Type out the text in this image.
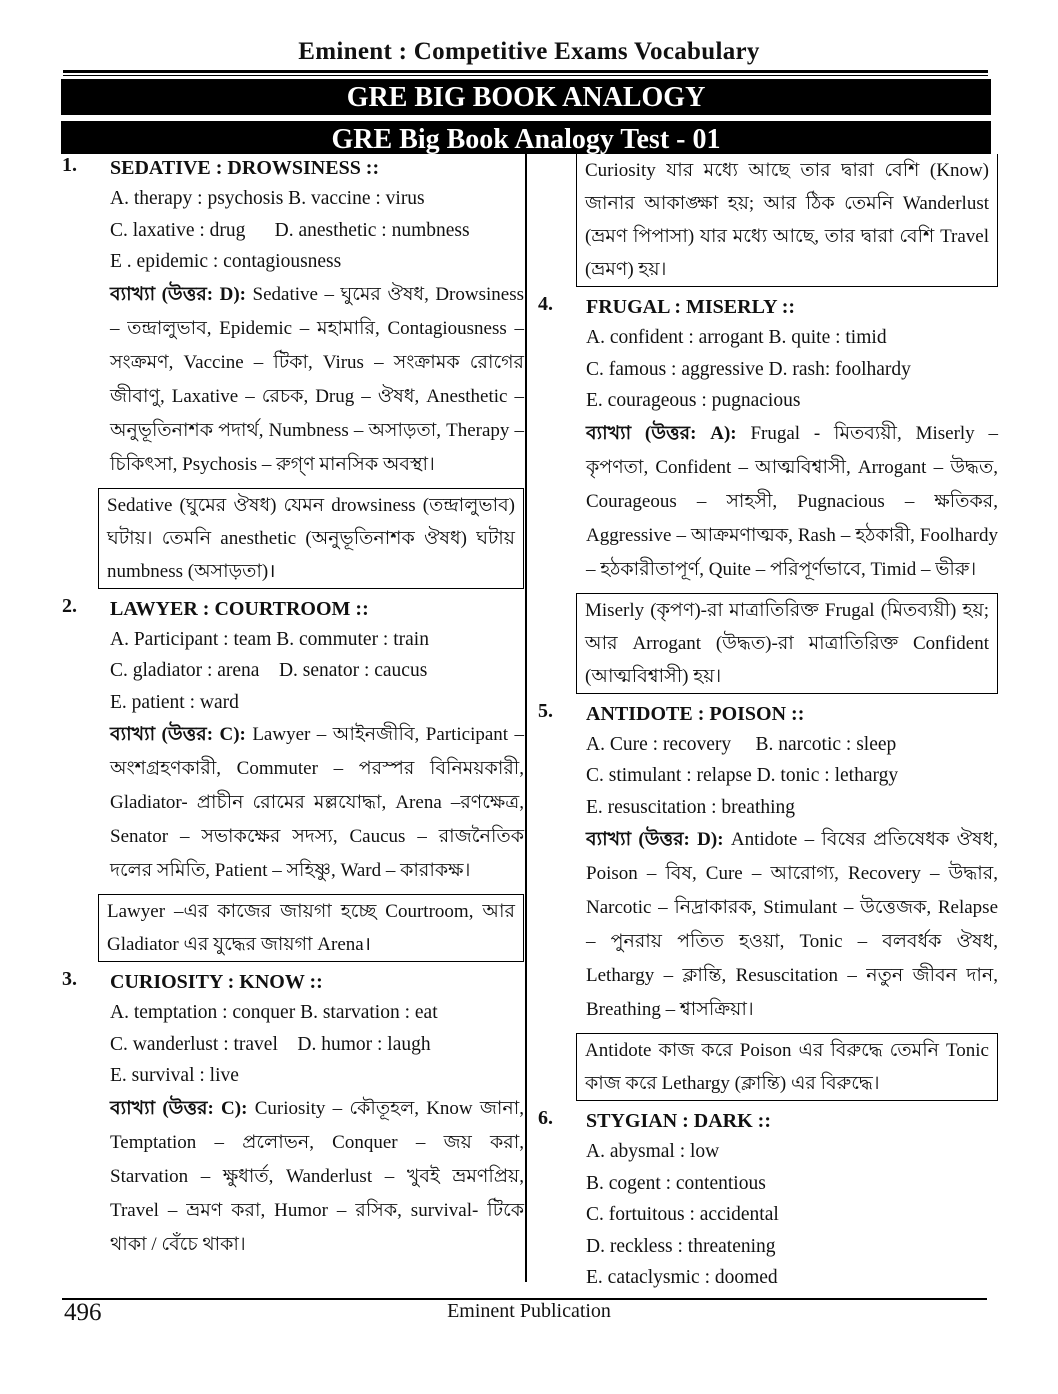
Eminent : Competitive Exams Vocabulary
GRE BIG BOOK ANALOGY
GRE Big Book Analogy Test - 01
1. SEDATIVE : DROWSINESS ::
A. therapy : psychosis B. vaccine : virus
C. laxative : drug      D. anesthetic : numbness
E . epidemic : contagiousness
ব্যাখ্যা (উত্তর: D): Sedative – ঘুমের ঔষধ, Drowsiness – তন্দ্রালুভাব, Epidemic – মহামারি, Contagiousness – সংক্রমণ, Vaccine – টিকা, Virus – সংক্রামক রোগের জীবাণু, Laxative – রেচক, Drug – ঔষধ, Anesthetic – অনুভূতিনাশক পদার্থ, Numbness – অসাড়তা, Therapy – চিকিৎসা, Psychosis – রুগ্ণ মানসিক অবস্থা।
Sedative (ঘুমের ঔষধ) যেমন drowsiness (তন্দ্রালুভাব) ঘটায়। তেমনি anesthetic (অনুভূতিনাশক ঔষধ) ঘটায় numbness (অসাড়তা)।
2. LAWYER : COURTROOM ::
A. Participant : team B. commuter : train
C. gladiator : arena    D. senator : caucus
E. patient : ward
ব্যাখ্যা (উত্তর: C): Lawyer – আইনজীবি, Participant – অংশগ্রহণকারী, Commuter – পরস্পর বিনিময়কারী, Gladiator- প্রাচীন রোমের মল্লযোদ্ধা, Arena –রণক্ষেত্র, Senator – সভাকক্ষের সদস্য, Caucus – রাজনৈতিক দলের সমিতি, Patient – সহিষ্ণু, Ward – কারাকক্ষ।
Lawyer –এর কাজের জায়গা হচ্ছে Courtroom, আর Gladiator এর যুদ্ধের জায়গা Arena।
3. CURIOSITY : KNOW ::
A. temptation : conquer B. starvation : eat
C. wanderlust : travel    D. humor : laugh
E. survival : live
ব্যাখ্যা (উত্তর: C): Curiosity – কৌতূহল, Know জানা, Temptation – প্রলোভন, Conquer – জয় করা, Starvation – ক্ষুধার্ত, Wanderlust – খুবই ভ্রমণপ্রিয়, Travel – ভ্রমণ করা, Humor – রসিক, survival- টিকে থাকা / বেঁচে থাকা।
Curiosity যার মধ্যে আছে তার দ্বারা বেশি (Know) জানার আকাঙ্ক্ষা হয়; আর ঠিক তেমনি Wanderlust (ভ্রমণ পিপাসা) যার মধ্যে আছে, তার দ্বারা বেশি Travel (ভ্রমণ) হয়।
4. FRUGAL : MISERLY ::
A. confident : arrogant B. quite : timid
C. famous : aggressive D. rash: foolhardy
E. courageous : pugnacious
ব্যাখ্যা (উত্তর: A): Frugal - মিতব্যয়ী, Miserly – কৃপণতা, Confident – আত্মবিশ্বাসী, Arrogant – উদ্ধত, Courageous – সাহসী, Pugnacious – ক্ষতিকর, Aggressive – আক্রমণাত্মক, Rash – হঠকারী, Foolhardy – হঠকারীতাপূর্ণ, Quite – পরিপূর্ণভাবে, Timid – ভীরু।
Miserly (কৃপণ)-রা মাত্রাতিরিক্ত Frugal (মিতব্যয়ী) হয়; আর Arrogant (উদ্ধত)-রা মাত্রাতিরিক্ত Confident (আত্মবিশ্বাসী) হয়।
5. ANTIDOTE : POISON ::
A. Cure : recovery     B. narcotic : sleep
C. stimulant : relapse D. tonic : lethargy
E. resuscitation : breathing
ব্যাখ্যা (উত্তর: D): Antidote – বিষের প্রতিষেধক ঔষধ, Poison – বিষ, Cure – আরোগ্য, Recovery – উদ্ধার, Narcotic – নিদ্রাকারক, Stimulant – উত্তেজক, Relapse – পুনরায় পতিত হওয়া, Tonic – বলবর্ধক ঔষধ, Lethargy – ক্লান্তি, Resuscitation – নতুন জীবন দান, Breathing – শ্বাসক্রিয়া।
Antidote কাজ করে Poison এর বিরুদ্ধে তেমনি Tonic কাজ করে Lethargy (ক্লান্তি) এর বিরুদ্ধে।
6. STYGIAN : DARK ::
A. abysmal : low
B. cogent : contentious
C. fortuitous : accidental
D. reckless : threatening
E. cataclysmic : doomed
496	Eminent Publication
